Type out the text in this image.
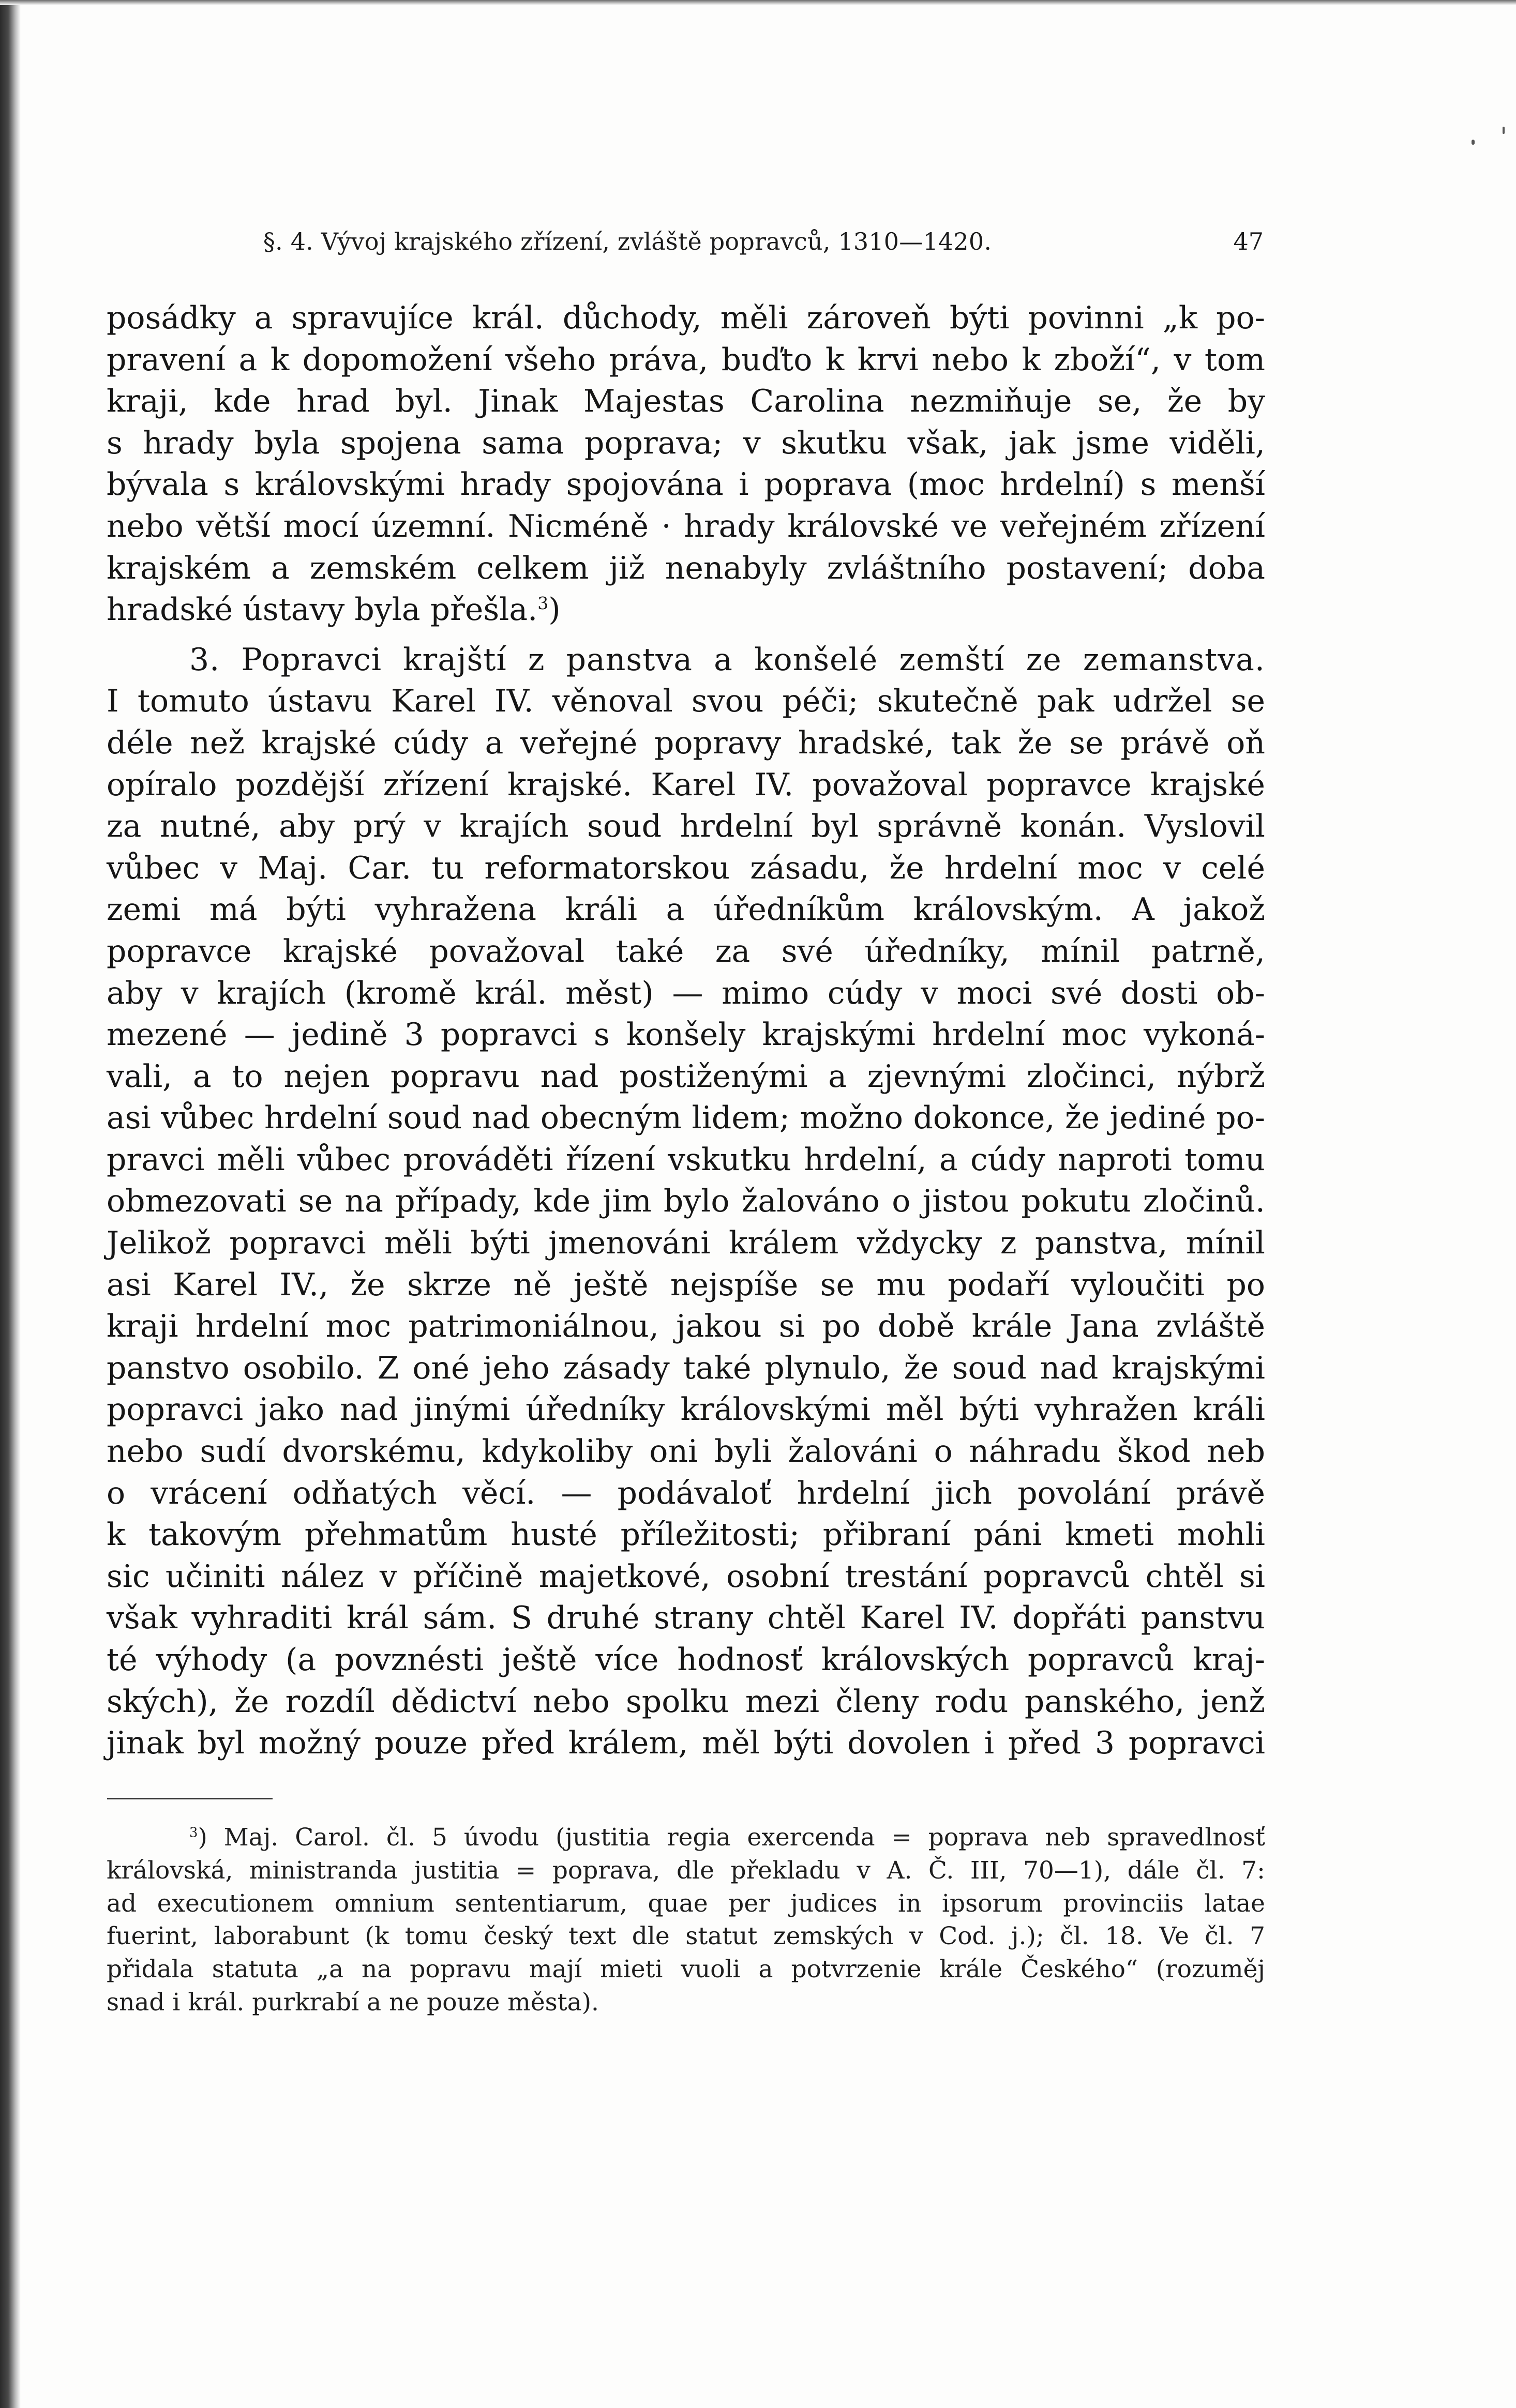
§. 4. Vývoj krajského zřízení, zvláště popravců, 1310—1420.	47
posádky a spravujíce král. důchody, měli zároveň býti povinni „k po-
pravení a k dopomožení všeho práva, buďto k krvi nebo k zboží“, v tom
kraji, kde hrad byl. Jinak Majestas Carolina nezmiňuje se, že by
s hrady byla spojena sama poprava; v skutku však, jak jsme viděli,
bývala s královskými hrady spojována i poprava (moc hrdelní) s menší
nebo větší mocí územní. Nicméně · hrady královské ve veřejném zřízení
krajském a zemském celkem již nenabyly zvláštního postavení; doba
hradské ústavy byla přešla.$^3$)
3. Popravci krajští z panstva a konšelé zemští ze zemanstva.
I tomuto ústavu Karel IV. věnoval svou péči; skutečně pak udržel se
déle než krajské cúdy a veřejné popravy hradské, tak že se právě oň
opíralo pozdější zřízení krajské. Karel IV. považoval popravce krajské
za nutné, aby prý v krajích soud hrdelní byl správně konán. Vyslovil
vůbec v Maj. Car. tu reformatorskou zásadu, že hrdelní moc v celé
zemi má býti vyhražena králi a úředníkům královským. A jakož
popravce krajské považoval také za své úředníky, mínil patrně,
aby v krajích (kromě král. měst) — mimo cúdy v moci své dosti ob-
mezené — jedině 3 popravci s konšely krajskými hrdelní moc vykoná-
vali, a to nejen popravu nad postiženými a zjevnými zločinci, nýbrž
asi vůbec hrdelní soud nad obecným lidem; možno dokonce, že jediné po-
pravci měli vůbec prováděti řízení vskutku hrdelní, a cúdy naproti tomu
obmezovati se na případy, kde jim bylo žalováno o jistou pokutu zločinů.
Jelikož popravci měli býti jmenováni králem vždycky z panstva, mínil
asi Karel IV., že skrze ně ještě nejspíše se mu podaří vyloučiti po
kraji hrdelní moc patrimoniálnou, jakou si po době krále Jana zvláště
panstvo osobilo. Z oné jeho zásady také plynulo, že soud nad krajskými
popravci jako nad jinými úředníky královskými měl býti vyhražen králi
nebo sudí dvorskému, kdykoliby oni byli žalováni o náhradu škod neb
o vrácení odňatých věcí. — podávaloť hrdelní jich povolání právě
k takovým přehmatům husté příležitosti; přibraní páni kmeti mohli
sic učiniti nález v příčině majetkové, osobní trestání popravců chtěl si
však vyhraditi král sám. S druhé strany chtěl Karel IV. dopřáti panstvu
té výhody (a povznésti ještě více hodnosť královských popravců kraj-
ských), že rozdíl dědictví nebo spolku mezi členy rodu panského, jenž
jinak byl možný pouze před králem, měl býti dovolen i před 3 popravci
$^3$) Maj. Carol. čl. 5 úvodu (justitia regia exercenda = poprava neb spravedlnosť
královská, ministranda justitia = poprava, dle překladu v A. Č. III, 70—1), dále čl. 7:
ad executionem omnium sententiarum, quae per judices in ipsorum provinciis latae
fuerint, laborabunt (k tomu český text dle statut zemských v Cod. j.); čl. 18. Ve čl. 7
přidala statuta „a na popravu mají mieti vuoli a potvrzenie krále Českého“ (rozuměj
snad i král. purkrabí a ne pouze města).
